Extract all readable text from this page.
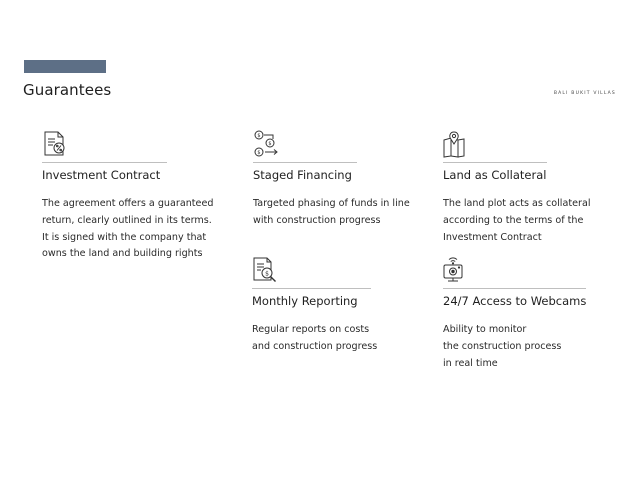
Guarantees	BALI BUKIT VILLAS
Investment Contract
The agreement offers a guaranteed
return, clearly outlined in its terms.
It is signed with the company that
owns the land and building rights
$
$
$
Staged Financing
Targeted phasing of funds in line
with construction progress
Land as Collateral
The land plot acts as collateral
according to the terms of the
Investment Contract
$
Monthly Reporting
Regular reports on costs
and construction progress
24/7 Access to Webcams
Ability to monitor
the construction process
in real time
